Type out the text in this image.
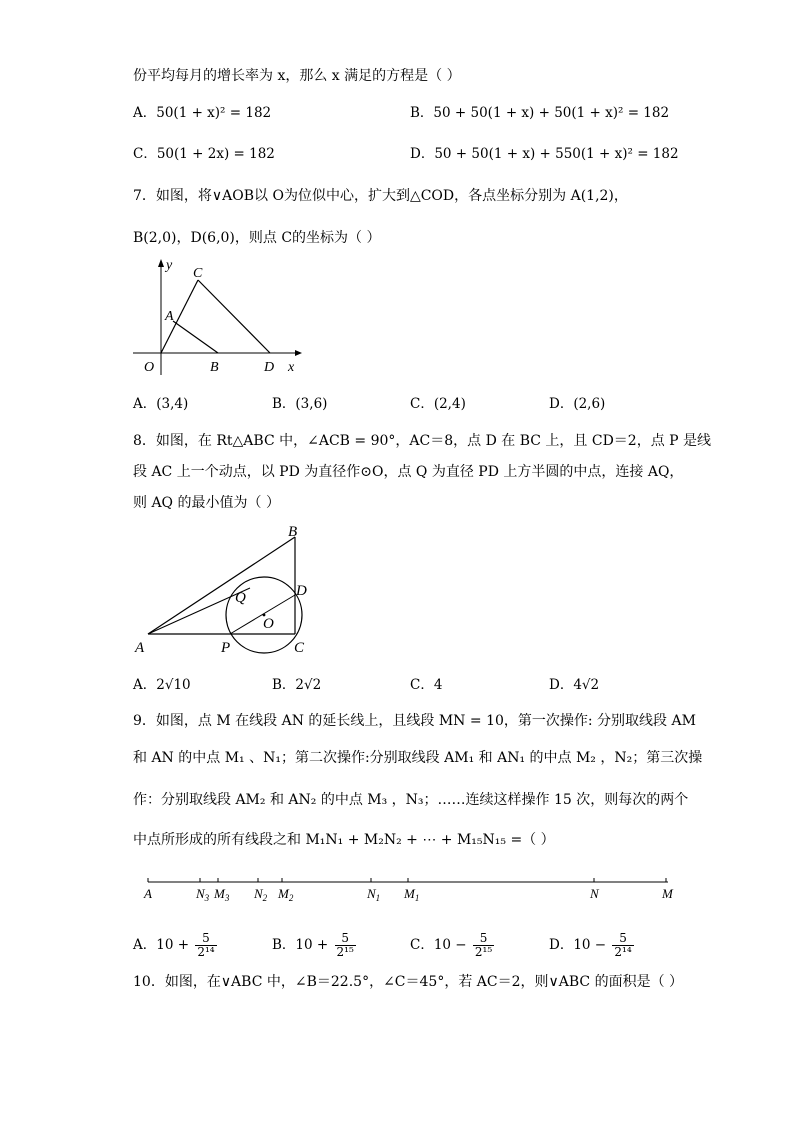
份平均每月的增长率为 x，那么 x 满足的方程是（ ）
A．50(1 + x)² = 182	B．50 + 50(1 + x) + 50(1 + x)² = 182
C．50(1 + 2x) = 182	D．50 + 50(1 + x) + 550(1 + x)² = 182
7．如图，将∨AOB以 O为位似中心，扩大到△COD，各点坐标分别为 A(1,2)，
B(2,0)，D(6,0)，则点 C的坐标为（ ）
y
x
C
A
O	B	D
A．(3,4)	B．(3,6)	C．(2,4)	D．(2,6)
8．如图，在 Rt△ABC 中，∠ACB = 90°，AC＝8，点 D 在 BC 上，且 CD＝2，点 P 是线
段 AC 上一个动点，以 PD 为直径作⊙O，点 Q 为直径 PD 上方半圆的中点，连接 AQ，
则 AQ 的最小值为（ ）
B
Q	D
O
A	P	C
A．2√10	B．2√2	C．4	D．4√2
9．如图，点 M 在线段 AN 的延长线上，且线段 MN = 10，第一次操作: 分别取线段 AM
和 AN 的中点 M₁ 、N₁；第二次操作:分别取线段 AM₁ 和 AN₁ 的中点 M₂ ，N₂；第三次操
作：分别取线段 AM₂ 和 AN₂ 的中点 M₃ ，N₃；……连续这样操作 15 次，则每次的两个
中点所形成的所有线段之和 M₁N₁ + M₂N₂ + ⋯ + M₁₅N₁₅ =（ ）
A	$N_3$ $M_3$ $N_2$ $M_2$	$N_1$ $M_1$	N	M
A．$10 + \frac{5}{\text{2¹⁴}}$	B．$10 + \frac{5}{\text{2¹⁵}}$	C．$10 - \frac{5}{\text{2¹⁵}}$	D．$10 - \frac{5}{\text{2¹⁴}}$
10．如图，在∨ABC 中，∠B＝22.5°，∠C＝45°，若 AC＝2，则∨ABC 的面积是（ ）
